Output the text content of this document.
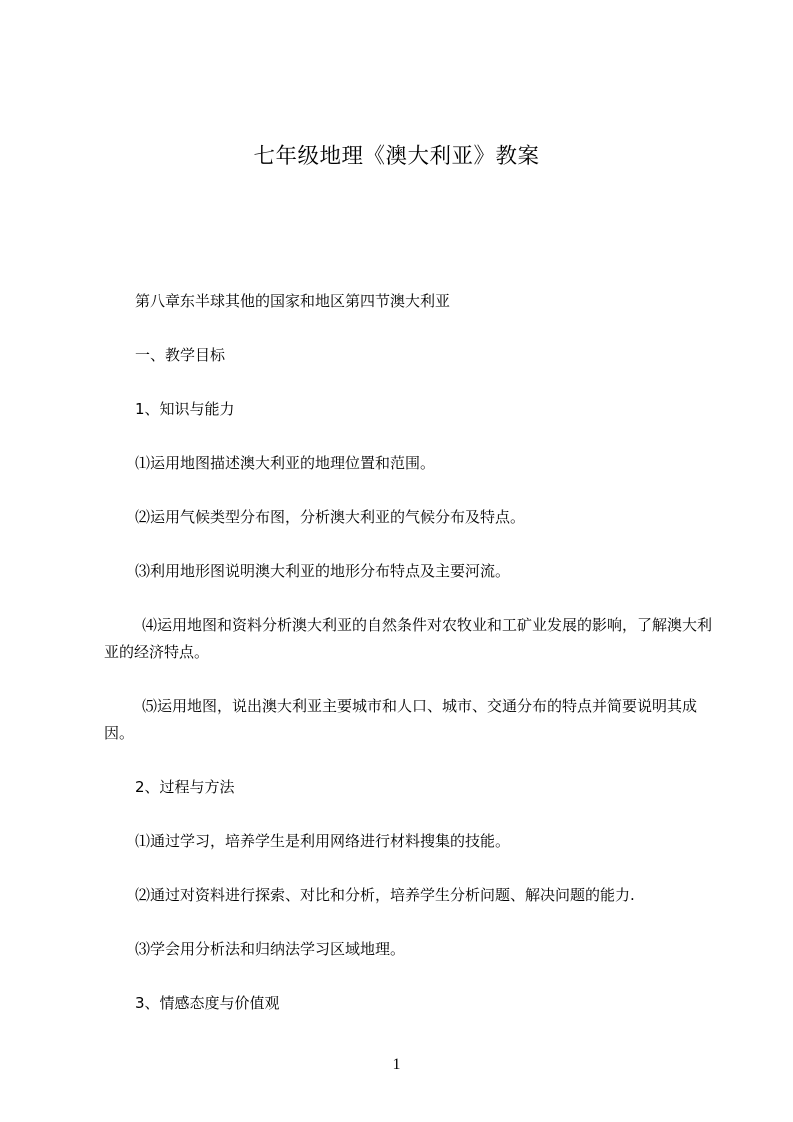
七年级地理《澳大利亚》教案

第八章东半球其他的国家和地区第四节澳大利亚

一、教学目标

1、知识与能力

⑴运用地图描述澳大利亚的地理位置和范围。

⑵运用气候类型分布图，分析澳大利亚的气候分布及特点。

⑶利用地形图说明澳大利亚的地形分布特点及主要河流。

⑷运用地图和资料分析澳大利亚的自然条件对农牧业和工矿业发展的影响，了解澳大利亚的经济特点。

⑸运用地图，说出澳大利亚主要城市和人口、城市、交通分布的特点并简要说明其成因。

2、过程与方法

⑴通过学习，培养学生是利用网络进行材料搜集的技能。

⑵通过对资料进行探索、对比和分析，培养学生分析问题、解决问题的能力.

⑶学会用分析法和归纳法学习区域地理。

3、情感态度与价值观

1
